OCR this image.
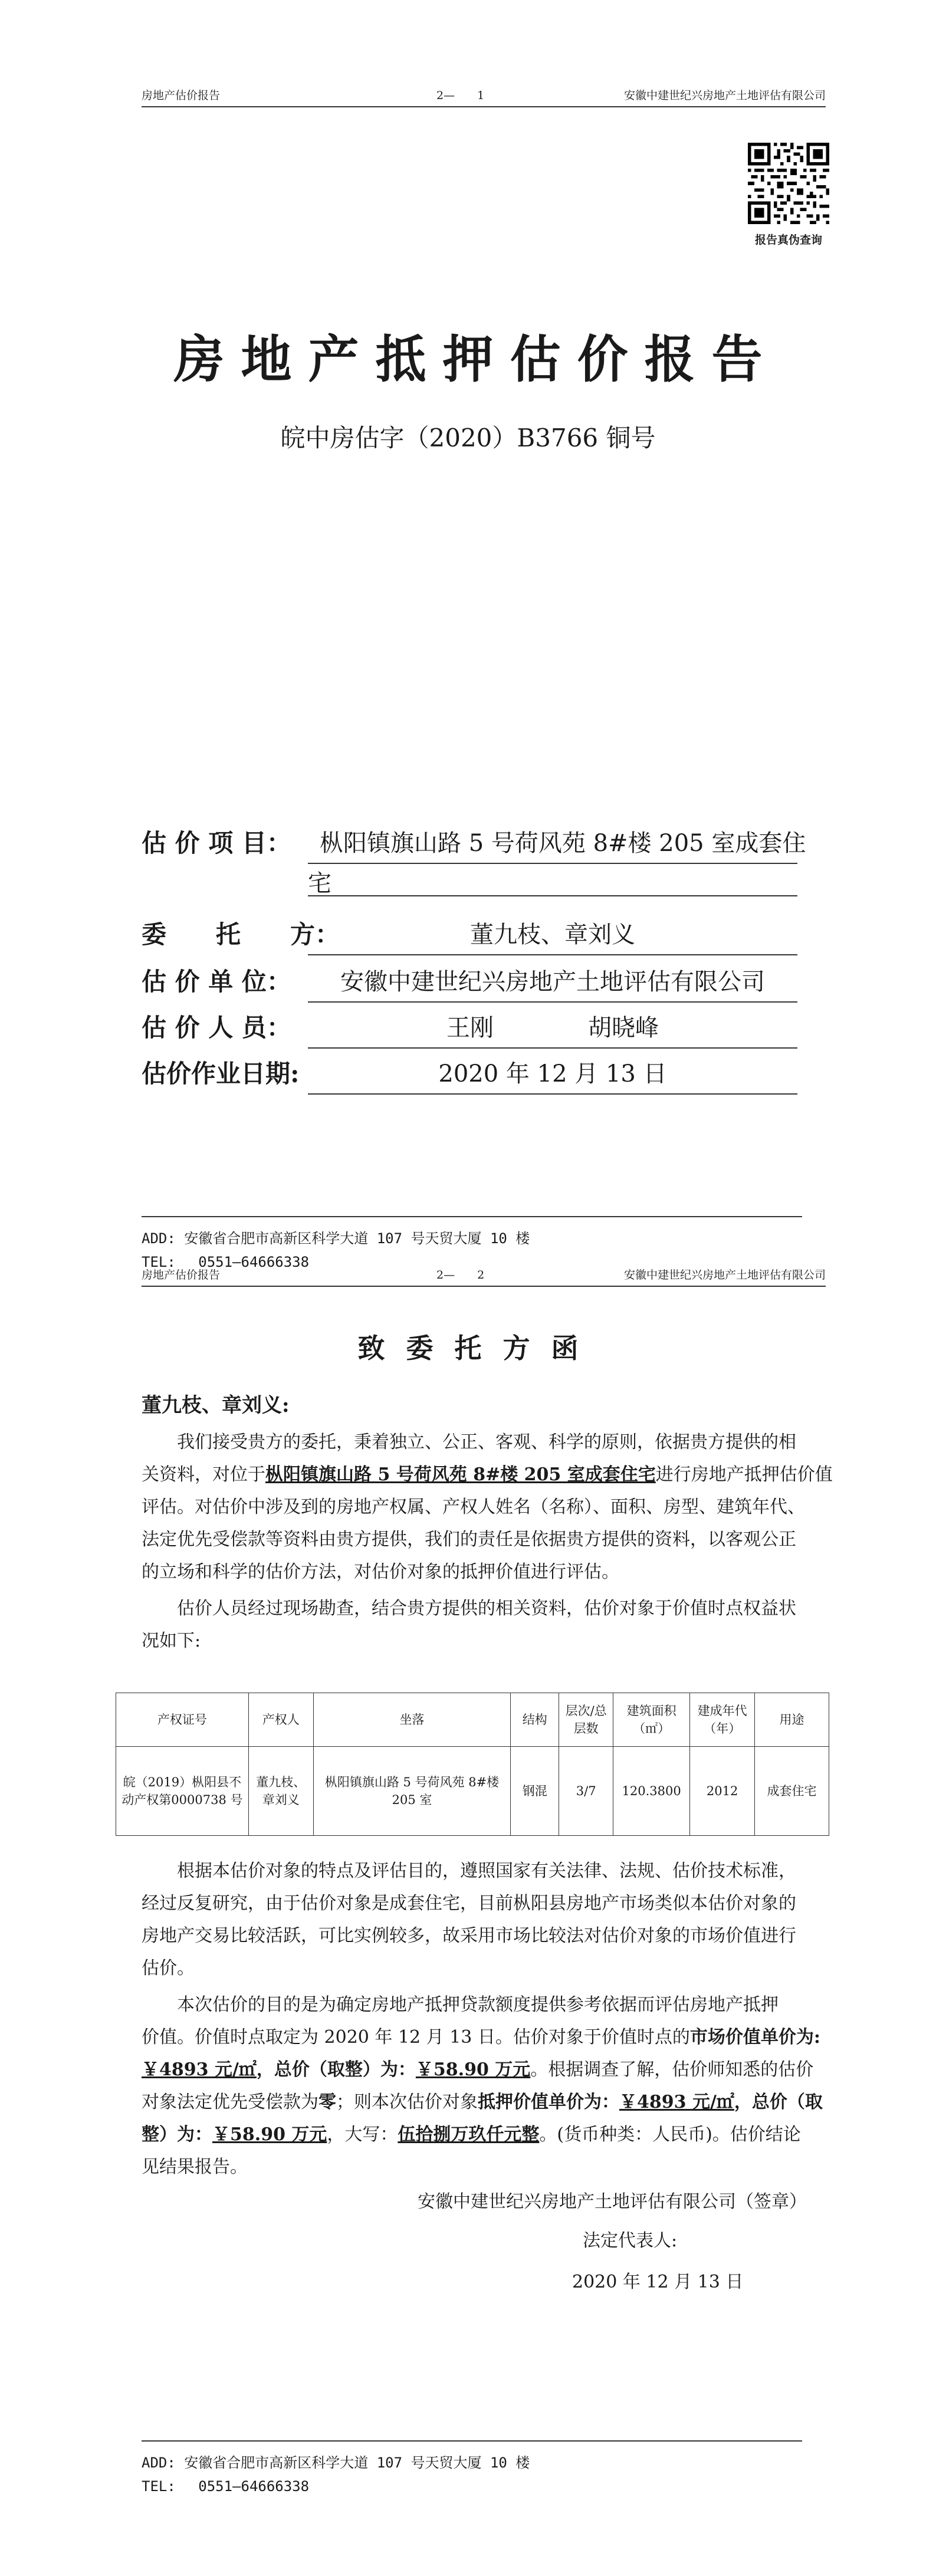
房地产估价报告	2—　　1	安徽中建世纪兴房地产土地评估有限公司
报告真伪查询
房地产抵押估价报告
皖中房估字（2020）B3766 铜号
估 价 项 目：	枞阳镇旗山路 5 号荷风苑 8#楼 205 室成套住
宅
委　　托　　方：	董九枝、章刘义
估 价 单 位：	安徽中建世纪兴房地产土地评估有限公司
估 价 人 员：	王刚　　　　胡晓峰
估价作业日期:	2020 年 12 月 13 日
ADD: 安徽省合肥市高新区科学大道 107 号天贸大厦 10 楼
TEL:　 0551—64666338
房地产估价报告	2—　　2	安徽中建世纪兴房地产土地评估有限公司
致委托方函
董九枝、章刘义:
我们接受贵方的委托，秉着独立、公正、客观、科学的原则，依据贵方提供的相
关资料，对位于枞阳镇旗山路 5 号荷风苑 8#楼 205 室成套住宅进行房地产抵押估价值
评估。对估价中涉及到的房地产权属、产权人姓名（名称）、面积、房型、建筑年代、
法定优先受偿款等资料由贵方提供，我们的责任是依据贵方提供的资料，以客观公正
的立场和科学的估价方法，对估价对象的抵押价值进行评估。
估价人员经过现场勘查，结合贵方提供的相关资料，估价对象于价值时点权益状
况如下:
产权证号	产权人	坐落	结构	层次/总层数	建筑面积（㎡）	建成年代（年）	用途
皖（2019）枞阳县不动产权第0000738 号	董九枝、章刘义	枞阳镇旗山路 5 号荷风苑 8#楼 205 室	钢混	3/7	120.3800	2012	成套住宅
根据本估价对象的特点及评估目的，遵照国家有关法律、法规、估价技术标准，
经过反复研究，由于估价对象是成套住宅，目前枞阳县房地产市场类似本估价对象的
房地产交易比较活跃，可比实例较多，故采用市场比较法对估价对象的市场价值进行
估价。
本次估价的目的是为确定房地产抵押贷款额度提供参考依据而评估房地产抵押
价值。价值时点取定为 2020 年 12 月 13 日。估价对象于价值时点的市场价值单价为:
￥4893 元/㎡，总价（取整）为：￥58.90 万元。根据调查了解，估价师知悉的估价
对象法定优先受偿款为零；则本次估价对象抵押价值单价为：￥4893 元/㎡，总价（取
整）为：￥58.90 万元，大写：伍拾捌万玖仟元整。(货币种类：人民币)。估价结论
见结果报告。
安徽中建世纪兴房地产土地评估有限公司（签章）
法定代表人:
2020 年 12 月 13 日
ADD: 安徽省合肥市高新区科学大道 107 号天贸大厦 10 楼
TEL:　 0551—64666338
